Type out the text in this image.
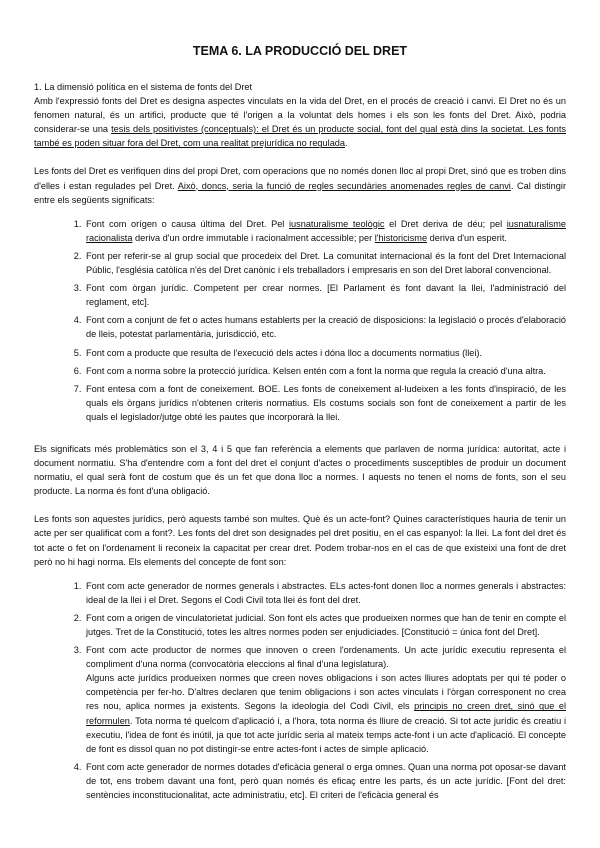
TEMA 6. LA PRODUCCIÓ DEL DRET

1. La dimensió política en el sistema de fonts del Dret

Amb l'expressió fonts del Dret es designa aspectes vinculats en la vida del Dret, en el procés de creació i canvi. El Dret no és un fenomen natural, és un artifici, producte que té l'origen a la voluntat dels homes i els son les fonts del Dret. Això, podria considerar-se una tesis dels positivistes (conceptuals): el Dret és un producte social, font del qual està dins la societat. Les fonts també es poden situar fora del Dret, com una realitat prejurídica no regulada.

Les fonts del Dret es verifiquen dins del propi Dret, com operacions que no només donen lloc al propi Dret, sinó que es troben dins d'elles i estan regulades pel Dret. Això, doncs, seria la funció de regles secundàries anomenades regles de canvi. Cal distingir entre els següents significats:

1. Font com orígen o causa última del Dret. Pel iusnaturalisme teològic el Dret deriva de déu; pel iusnaturalisme racionalista deriva d'un ordre immutable i racionalment accessible; per l'historicisme deriva d'un esperit.
2. Font per referir-se al grup social que procedeix del Dret. La comunitat internacional és la font del Dret Internacional Públic, l'església catòlica n'és del Dret canònic i els treballadors i empresaris en son del Dret laboral convencional.
3. Font com òrgan jurídic. Competent per crear normes. [El Parlament és font davant la llei, l'administració del reglament, etc].
4. Font com a conjunt de fet o actes humans establerts per la creació de disposicions: la legislació o procés d'elaboració de lleis, potestat parlamentària, jurisdicció, etc.
5. Font com a producte que resulta de l'execució dels actes i dóna lloc a documents normatius (llei).
6. Font com a norma sobre la protecció jurídica. Kelsen entén com a font la norma que regula la creació d'una altra.
7. Font entesa com a font de coneixement. BOE. Les fonts de coneixement al·ludeixen a les fonts d'inspiració, de les quals els òrgans jurídics n'obtenen criteris normatius. Els costums socials son font de coneixement a partir de les quals el legislador/jutge obté les pautes que incorporarà la llei.

Els significats més problemàtics son el 3, 4 i 5 que fan referència a elements que parlaven de norma jurídica: autoritat, acte i document normatiu. S'ha d'entendre com a font del dret el conjunt d'actes o procediments susceptibles de produir un document normatiu, el qual serà font de costum que és un fet que dona lloc a normes. I aquests no tenen el noms de fonts, son el seu producte. La norma és font d'una obligació.

Les fonts son aquestes jurídics, però aquests també son multes. Què és un acte-font? Quines característiques hauria de tenir un acte per ser qualificat com a font?. Les fonts del dret son designades pel dret positiu, en el cas espanyol: la llei. La font del dret és tot acte o fet on l'ordenament li reconeix la capacitat per crear dret. Podem trobar-nos en el cas de que existeixi una font de dret però no hi hagi norma. Els elements del concepte de font son:

1. Font com acte generador de normes generals i abstractes. ELs actes-font donen lloc a normes generals i abstractes: ideal de la llei i el Dret. Segons el Codi Civil tota llei és font del dret.
2. Font com a origen de vinculatorietat judicial. Son font els actes que produeixen normes que han de tenir en compte el jutges. Tret de la Constitució, totes les altres normes poden ser enjudiciades. [Constitució = única font del Dret].

3. Font com acte productor de normes que innoven o creen l'ordenaments. Un acte jurídic executiu representa el compliment d'una norma (convocatòria eleccions al final d'una legislatura).

Alguns acte jurídics produeixen normes que creen noves obligacions i son actes lliures adoptats per qui té poder o competència per fer-ho. D'altres declaren que tenim obligacions i son actes vinculats i l'òrgan corresponent no crea res nou, aplica normes ja existents. Segons la ideologia del Codi Civil, els principis no creen dret, sinó que el reformulen. Tota norma té quelcom d'aplicació i, a l'hora, tota norma és lliure de creació. Si tot acte jurídic és creatiu i executiu, l'idea de font és inútil, ja que tot acte jurídic seria al mateix temps acte-font i un acte d'aplicació. El concepte de font es dissol quan no pot distingir-se entre actes-font i actes de simple aplicació.

4. Font com acte generador de normes dotades d'eficàcia general o erga omnes. Quan una norma pot oposar-se davant de tot, ens trobem davant una font, però quan només és eficaç entre les parts, és un acte jurídic. [Font del dret: sentències inconstitucionalitat, acte administratiu, etc]. El criteri de l'eficàcia general és
